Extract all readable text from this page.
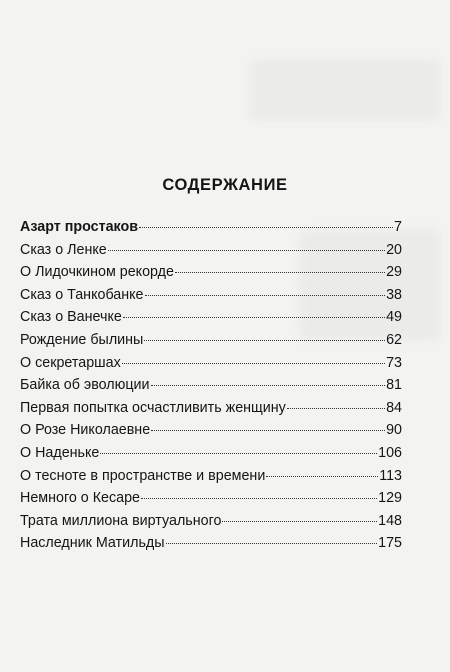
СОДЕРЖАНИЕ
Азарт простаков	7
Сказ о Ленке	20
О Лидочкином рекорде	29
Сказ о Танкобанке	38
Сказ о Ванечке	49
Рождение былины	62
О секретаршах	73
Байка об эволюции	81
Первая попытка осчастливить женщину	84
О Розе Николаевне	90
О Наденьке	106
О тесноте в пространстве и времени	113
Немного о Кесаре	129
Трата миллиона виртуального	148
Наследник Матильды	175
